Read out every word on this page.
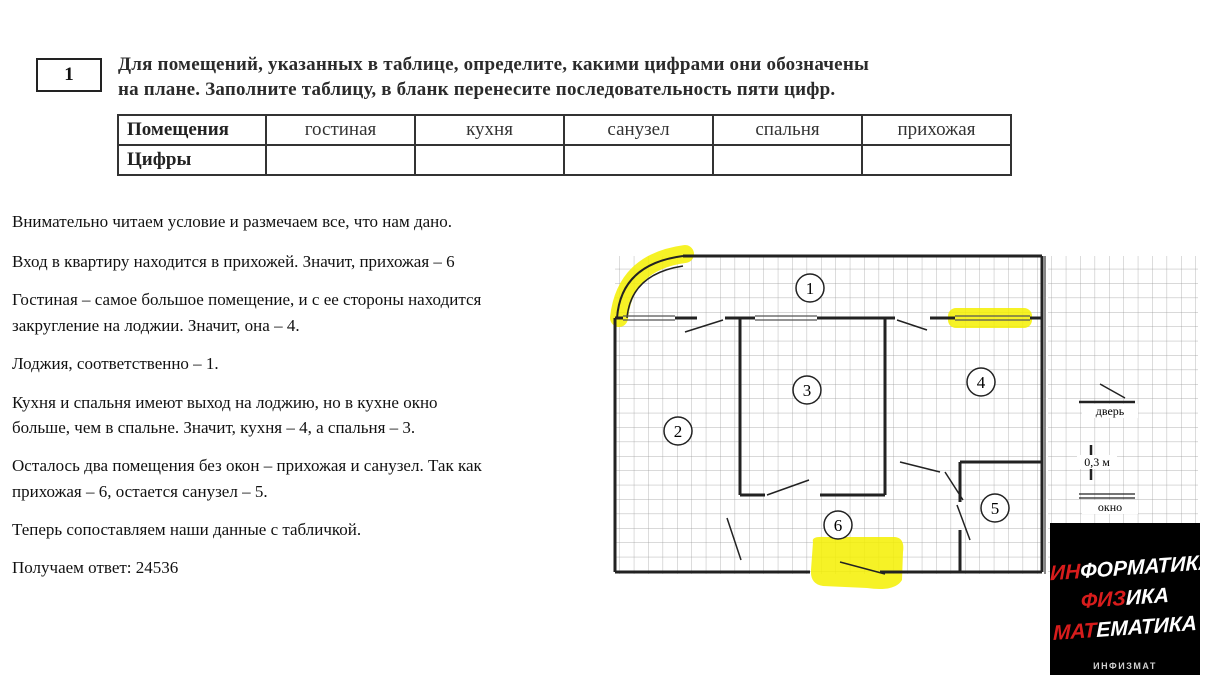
1	Для помещений, указанных в таблице, определите, какими цифрами они обозначены
на плане. Заполните таблицу, в бланк перенесите последовательность пяти цифр.
Помещения	гостиная	кухня	санузел	спальня	прихожая
Цифры					
Внимательно читаем условие и размечаем все, что нам дано.
Вход в квартиру находится в прихожей. Значит, прихожая – 6
Гостиная – самое большое помещение, и с ее стороны находится
закругление на лоджии. Значит, она – 4.
Лоджия, соответственно – 1.
Кухня и спальня имеют выход на лоджию, но в кухне окно
больше, чем в спальне. Значит, кухня – 4, а спальня – 3.
Осталось два помещения без окон – прихожая и санузел. Так как
прихожая – 6, остается санузел – 5.
Теперь сопоставляем наши данные с табличкой.
Получаем ответ: 24536
1
2
3	4
5
6
дверь
0,3 м
окно
ИНФОРМАТИКА
ФИЗИКА
МАТЕМАТИКА
ИНФИЗМАТ
